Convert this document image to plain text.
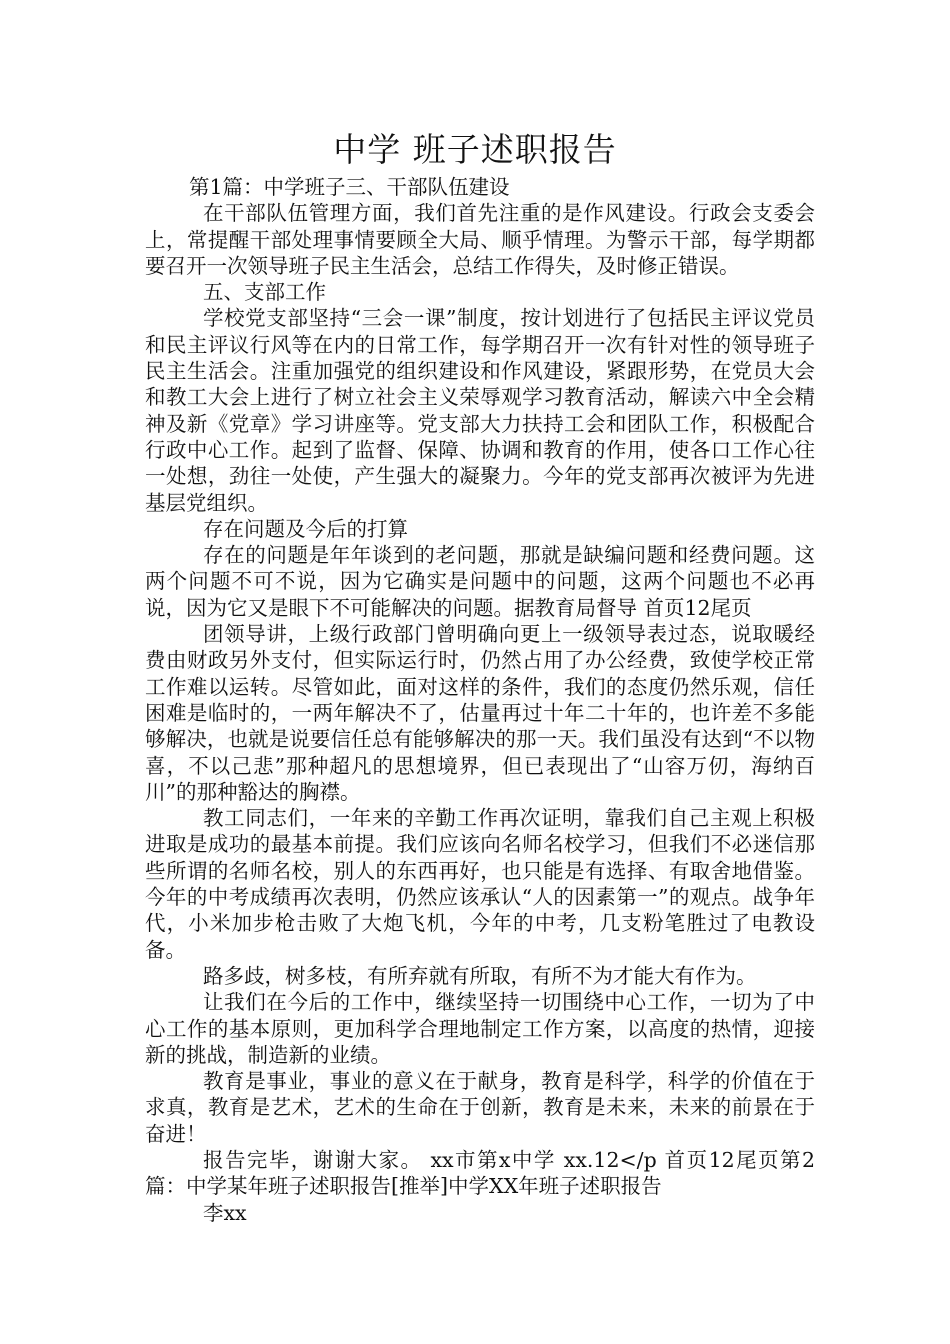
中学 班子述职报告

第1篇：中学班子三、干部队伍建设

在干部队伍管理方面，我们首先注重的是作风建设。行政会支委会上，常提醒干部处理事情要顾全大局、顺乎情理。为警示干部，每学期都要召开一次领导班子民主生活会，总结工作得失，及时修正错误。

五、支部工作

学校党支部坚持“三会一课”制度，按计划进行了包括民主评议党员和民主评议行风等在内的日常工作，每学期召开一次有针对性的领导班子民主生活会。注重加强党的组织建设和作风建设，紧跟形势，在党员大会和教工大会上进行了树立社会主义荣辱观学习教育活动，解读六中全会精神及新《党章》学习讲座等。党支部大力扶持工会和团队工作，积极配合行政中心工作。起到了监督、保障、协调和教育的作用，使各口工作心往一处想，劲往一处使，产生强大的凝聚力。今年的党支部再次被评为先进基层党组织。

存在问题及今后的打算

存在的问题是年年谈到的老问题，那就是缺编问题和经费问题。这两个问题不可不说，因为它确实是问题中的问题，这两个问题也不必再说，因为它又是眼下不可能解决的问题。据教育局督导 首页12尾页

团领导讲，上级行政部门曾明确向更上一级领导表过态，说取暖经费由财政另外支付，但实际运行时，仍然占用了办公经费，致使学校正常工作难以运转。尽管如此，面对这样的条件，我们的态度仍然乐观，信任困难是临时的，一两年解决不了，估量再过十年二十年的，也许差不多能够解决，也就是说要信任总有能够解决的那一天。我们虽没有达到“不以物喜，不以己悲”那种超凡的思想境界，但已表现出了“山容万仞，海纳百川”的那种豁达的胸襟。

教工同志们，一年来的辛勤工作再次证明，靠我们自己主观上积极进取是成功的最基本前提。我们应该向名师名校学习，但我们不必迷信那些所谓的名师名校，别人的东西再好，也只能是有选择、有取舍地借鉴。今年的中考成绩再次表明，仍然应该承认“人的因素第一”的观点。战争年代，小米加步枪击败了大炮飞机，今年的中考，几支粉笔胜过了电教设备。

路多歧，树多枝，有所弃就有所取，有所不为才能大有作为。

让我们在今后的工作中，继续坚持一切围绕中心工作，一切为了中心工作的基本原则，更加科学合理地制定工作方案，以高度的热情，迎接新的挑战，制造新的业绩。

教育是事业，事业的意义在于献身，教育是科学，科学的价值在于求真，教育是艺术，艺术的生命在于创新，教育是未来，未来的前景在于奋进！

报告完毕，谢谢大家。 xx市第x中学 xx.12</p 首页12尾页第2篇：中学某年班子述职报告[推举]中学XX年班子述职报告

李xx
